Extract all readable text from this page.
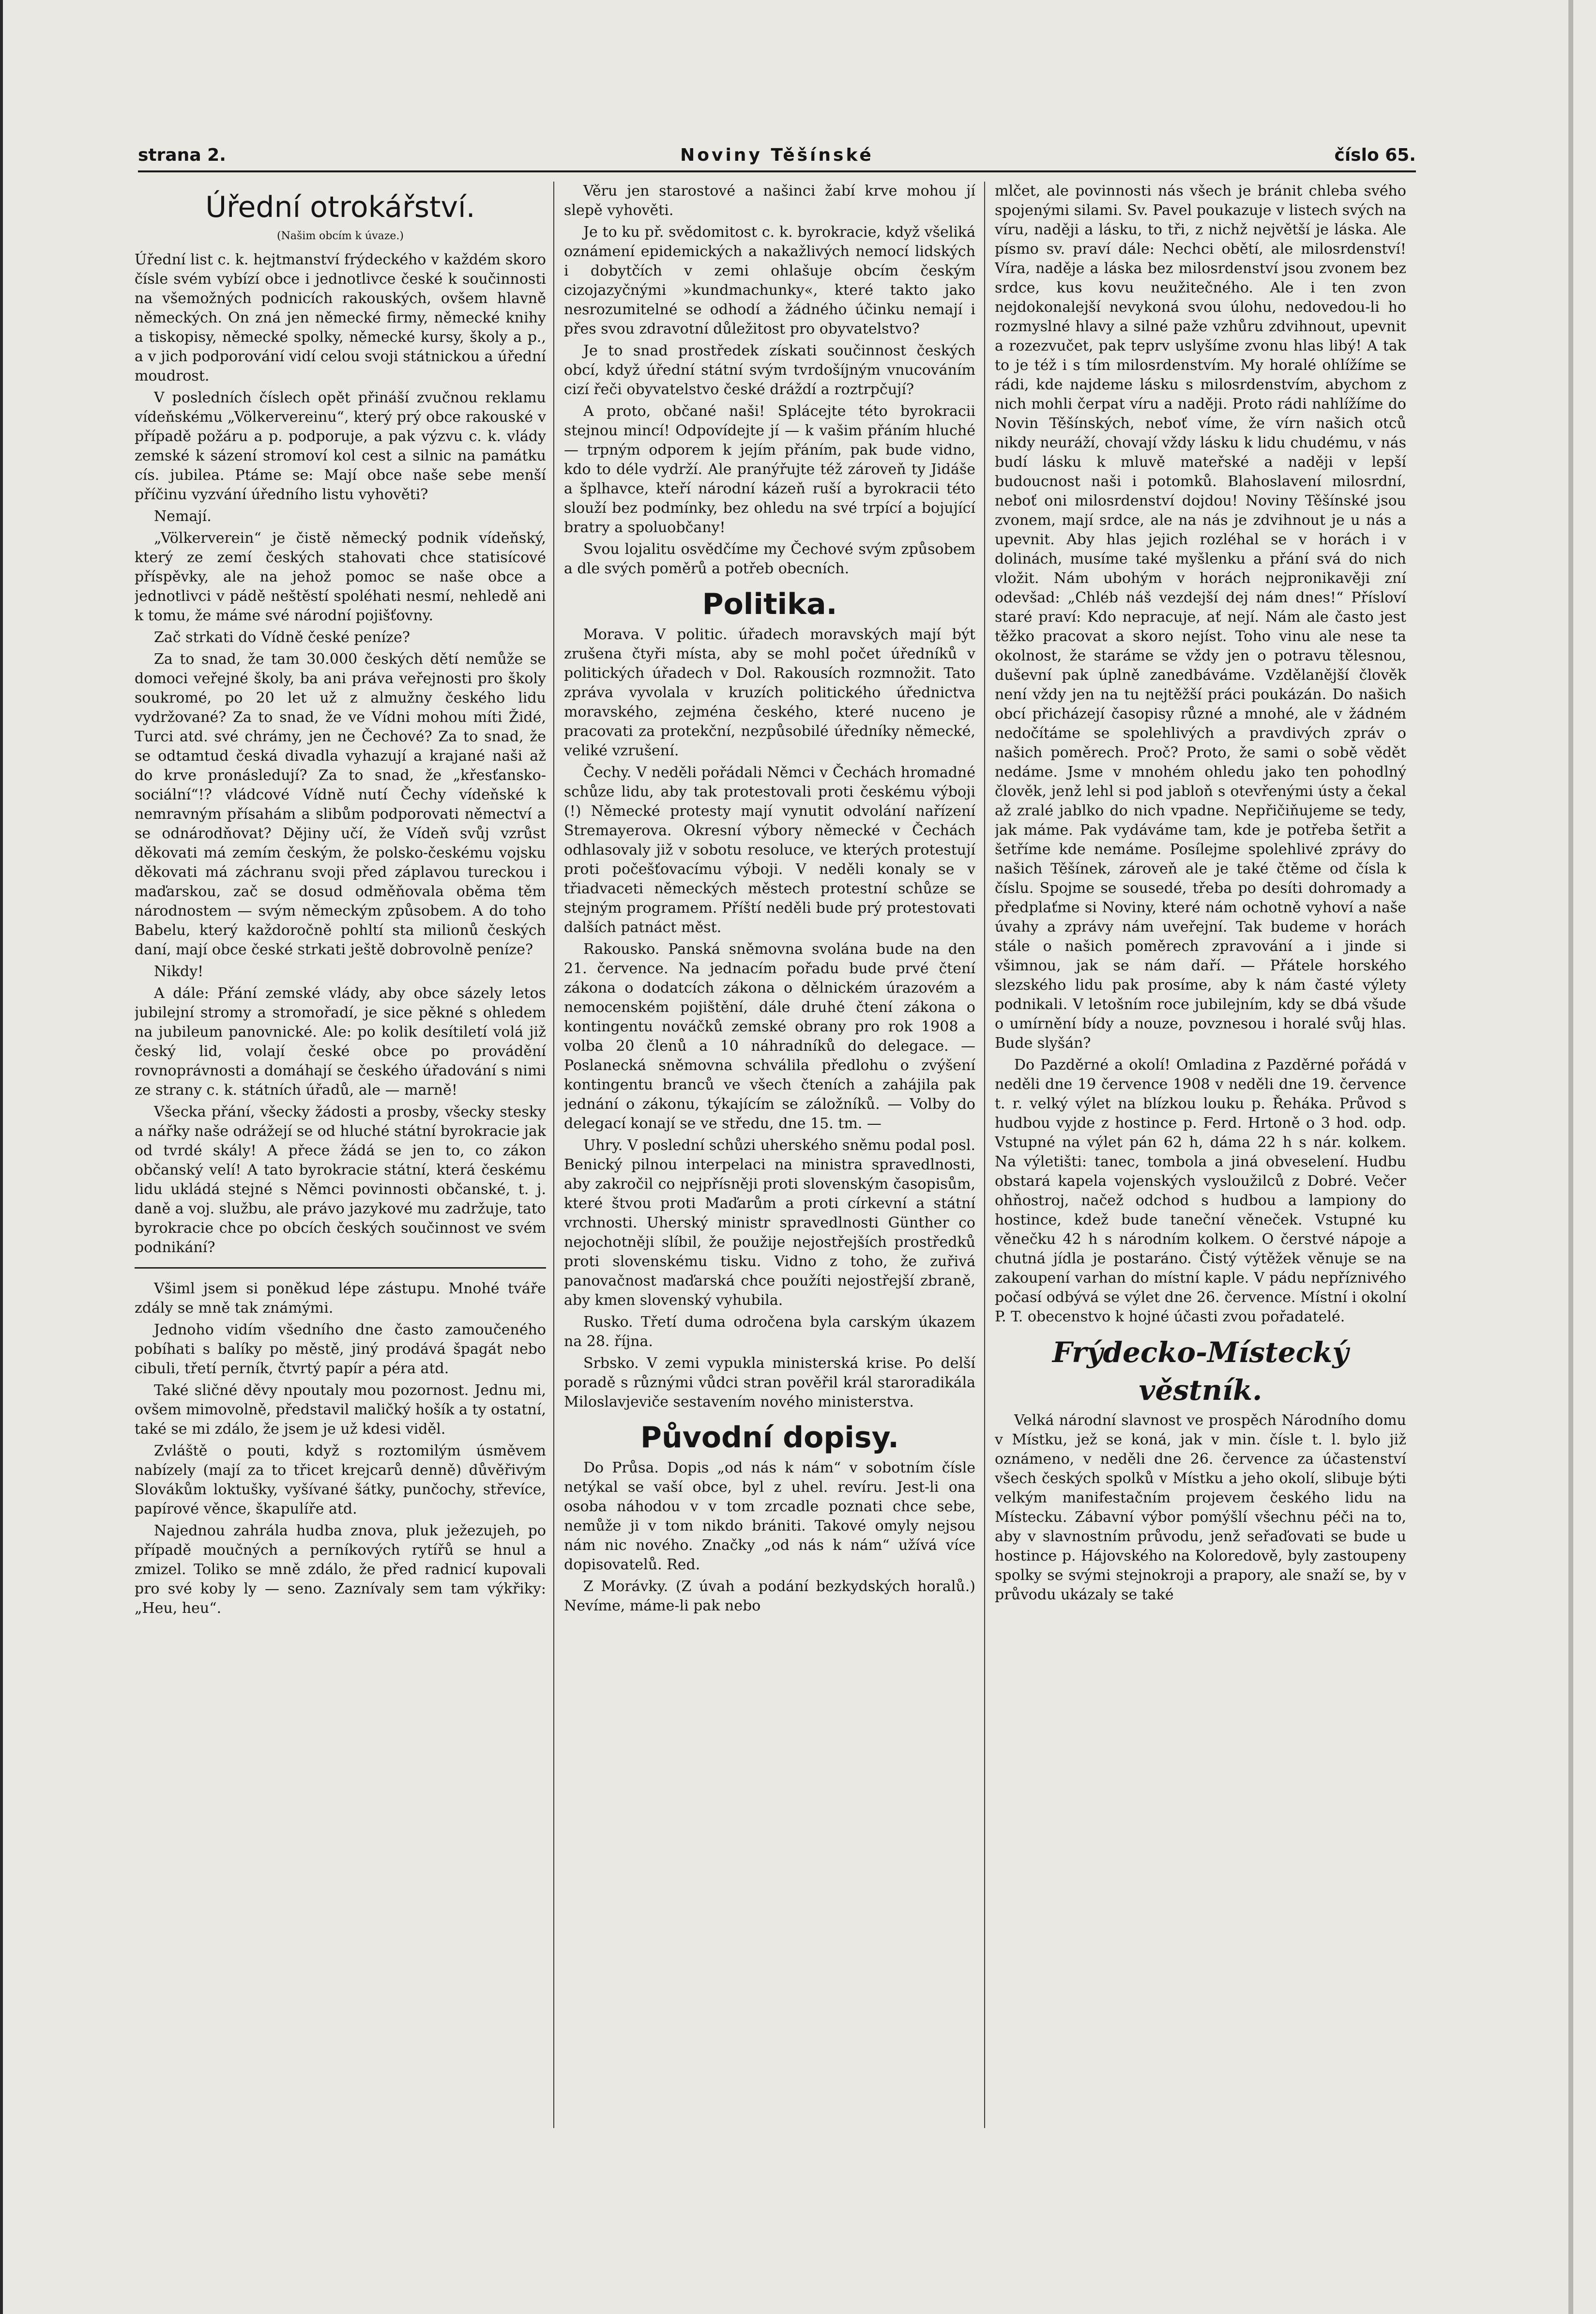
strana 2.	Noviny Těšínské	číslo 65.
Úřední otrokářství.
(Našim obcím k úvaze.)

Úřední list c. k. hejtmanství frýdeckého v každém skoro čísle svém vybízí obce i jednotlivce české k součinnosti na všemožných podnicích rakouských, ovšem hlavně německých. On zná jen německé firmy, německé knihy a tiskopisy, německé spolky, německé kursy, školy a p., a v jich podporování vidí celou svoji státnickou a úřední moudrost.

V posledních číslech opět přináší zvučnou reklamu vídeňskému „Völkervereinu“, který prý obce rakouské v případě požáru a p. podporuje, a pak výzvu c. k. vlády zemské k sázení stromoví kol cest a silnic na památku cís. jubilea. Ptáme se: Mají obce naše sebe menší příčinu vyzvání úředního listu vyhověti?

Nemají.

„Völkerverein“ je čistě německý podnik vídeňský, který ze zemí českých stahovati chce statisícové příspěvky, ale na jehož pomoc se naše obce a jednotlivci v pádě neštěstí spoléhati nesmí, nehledě ani k tomu, že máme své národní pojišťovny.

Zač strkati do Vídně české peníze?

Za to snad, že tam 30.000 českých dětí nemůže se domoci veřejné školy, ba ani práva veřejnosti pro školy soukromé, po 20 let už z almužny českého lidu vydržované? Za to snad, že ve Vídni mohou míti Židé, Turci atd. své chrámy, jen ne Čechové? Za to snad, že se odtamtud česká divadla vyhazují a krajané naši až do krve pronásledují? Za to snad, že „křesťansko-sociální“!? vládcové Vídně nutí Čechy vídeňské k nemravným přísahám a slibům podporovati němectví a se odnárodňovat? Dějiny učí, že Vídeň svůj vzrůst děkovati má zemím českým, že polsko-českému vojsku děkovati má záchranu svoji před záplavou tureckou i maďarskou, zač se dosud odměňovala oběma těm národnostem — svým německým způsobem. A do toho Babelu, který každoročně pohltí sta milionů českých daní, mají obce české strkati ještě dobrovolně peníze?

Nikdy!

A dále: Přání zemské vlády, aby obce sázely letos jubilejní stromy a stromořadí, je sice pěkné s ohledem na jubileum panovnické. Ale: po kolik desítiletí volá již český lid, volají české obce po provádění rovnoprávnosti a domáhají se českého úřadování s nimi ze strany c. k. státních úřadů, ale — marně!

Všecka přání, všecky žádosti a prosby, všecky stesky a nářky naše odrážejí se od hluché státní byrokracie jak od tvrdé skály! A přece žádá se jen to, co zákon občanský velí! A tato byrokracie státní, která českému lidu ukládá stejné s Němci povinnosti občanské, t. j. daně a voj. službu, ale právo jazykové mu zadržuje, tato byrokracie chce po obcích českých součinnost ve svém podnikání?

Všiml jsem si poněkud lépe zástupu. Mnohé tváře zdály se mně tak známými.

Jednoho vidím všedního dne často zamoučeného pobíhati s balíky po městě, jiný prodává špagát nebo cibuli, třetí perník, čtvrtý papír a péra atd.

Také sličné děvy npoutaly mou pozornost. Jednu mi, ovšem mimovolně, představil maličký hošík a ty ostatní, také se mi zdálo, že jsem je už kdesi viděl.

Zvláště o pouti, když s roztomilým úsměvem nabízely (mají za to třicet krejcarů denně) důvěřivým Slovákům loktušky, vyšívané šátky, punčochy, střevíce, papírové věnce, škapulíře atd.

Najednou zahrála hudba znova, pluk ježezujeh, po případě moučných a perníkových rytířů se hnul a zmizel. Toliko se mně zdálo, že před radnicí kupovali pro své koby ly — seno. Zaznívaly sem tam výkřiky: „Heu, heu“.

Věru jen starostové a našinci žabí krve mohou jí slepě vyhověti.

Je to ku př. svědomitost c. k. byrokracie, když všeliká oznámení epidemických a nakažlivých nemocí lidských i dobytčích v zemi ohlašuje obcím českým cizojazyčnými »kundmachunky«, které takto jako nesrozumitelné se odhodí a žádného účinku nemají i přes svou zdravotní důležitost pro obyvatelstvo?

Je to snad prostředek získati součinnost českých obcí, když úřední státní svým tvrdošíjným vnucováním cizí řeči obyvatelstvo české dráždí a roztrpčují?

A proto, občané naši! Splácejte této byrokracii stejnou mincí! Odpovídejte jí — k vašim přáním hluché — trpným odporem k jejím přáním, pak bude vidno, kdo to déle vydrží. Ale pranýřujte též zároveň ty Jidáše a šplhavce, kteří národní kázeň ruší a byrokracii této slouží bez podmínky, bez ohledu na své trpící a bojující bratry a spoluobčany!

Svou lojalitu osvědčíme my Čechové svým způsobem a dle svých poměrů a potřeb obecních.

Politika.

Morava. V politic. úřadech moravských mají být zrušena čtyři místa, aby se mohl počet úředníků v politických úřadech v Dol. Rakousích rozmnožit. Tato zpráva vyvolala v kruzích politického úřednictva moravského, zejména českého, které nuceno je pracovati za protekční, nezpůsobilé úředníky německé, veliké vzrušení.

Čechy. V neděli pořádali Němci v Čechách hromadné schůze lidu, aby tak protestovali proti českému výboji (!) Německé protesty mají vynutit odvolání nařízení Stremayerova. Okresní výbory německé v Čechách odhlasovaly již v sobotu resoluce, ve kterých protestují proti počešťovacímu výboji. V neděli konaly se v třiadvaceti německých městech protestní schůze se stejným programem. Příští neděli bude prý protestovati dalších patnáct měst.

Rakousko. Panská sněmovna svolána bude na den 21. července. Na jednacím pořadu bude prvé čtení zákona o dodatcích zákona o dělnickém úrazovém a nemocenském pojištění, dále druhé čtení zákona o kontingentu nováčků zemské obrany pro rok 1908 a volba 20 členů a 10 náhradníků do delegace. — Poslanecká sněmovna schválila předlohu o zvýšení kontingentu branců ve všech čteních a zahájila pak jednání o zákonu, týkajícím se záložníků. — Volby do delegací konají se ve středu, dne 15. tm. —

Uhry. V poslední schůzi uherského sněmu podal posl. Benický pilnou interpelaci na ministra spravedlnosti, aby zakročil co nejpřísněji proti slovenským časopisům, které štvou proti Maďarům a proti církevní a státní vrchnosti. Uherský ministr spravedlnosti Günther co nejochotněji slíbil, že použije nejostřejších prostředků proti slovenskému tisku. Vidno z toho, že zuřivá panovačnost maďarská chce použíti nejostřejší zbraně, aby kmen slovenský vyhubila.

Rusko. Třetí duma odročena byla carským úkazem na 28. října.

Srbsko. V zemi vypukla ministerská krise. Po delší poradě s různými vůdci stran pověřil král staroradikála Miloslavjeviče sestavením nového ministerstva.

Původní dopisy.

Do Průsa. Dopis „od nás k nám“ v sobotním čísle netýkal se vaší obce, byl z uhel. revíru. Jest-li ona osoba náhodou v v tom zrcadle poznati chce sebe, nemůže ji v tom nikdo brániti. Takové omyly nejsou nám nic nového. Značky „od nás k nám“ užívá více dopisovatelů. Red.

Z Morávky. (Z úvah a podání bezkydských horalů.) Nevíme, máme-li pak nebo

mlčet, ale povinnosti nás všech je bránit chleba svého spojenými silami. Sv. Pavel poukazuje v listech svých na víru, naději a lásku, to tři, z nichž největší je láska. Ale písmo sv. praví dále: Nechci obětí, ale milosrdenství! Víra, naděje a láska bez milosrdenství jsou zvonem bez srdce, kus kovu neužitečného. Ale i ten zvon nejdokonalejší nevykoná svou úlohu, nedovedou-li ho rozmyslné hlavy a silné paže vzhůru zdvihnout, upevnit a rozezvučet, pak teprv uslyšíme zvonu hlas libý! A tak to je též i s tím milosrdenstvím. My horalé ohlížíme se rádi, kde najdeme lásku s milosrdenstvím, abychom z nich mohli čerpat víru a naději. Proto rádi nahlížíme do Novin Těšínských, neboť víme, že vírn našich otců nikdy neuráží, chovají vždy lásku k lidu chudému, v nás budí lásku k mluvě mateřské a naději v lepší budoucnost naši i potomků. Blahoslavení milosrdní, neboť oni milosrdenství dojdou! Noviny Těšínské jsou zvonem, mají srdce, ale na nás je zdvihnout je u nás a upevnit. Aby hlas jejich rozléhal se v horách i v dolinách, musíme také myšlenku a přání svá do nich vložit. Nám ubohým v horách nejpronikavěji zní odevšad: „Chléb náš vezdejší dej nám dnes!“ Přísloví staré praví: Kdo nepracuje, ať nejí. Nám ale často jest těžko pracovat a skoro nejíst. Toho vinu ale nese ta okolnost, že staráme se vždy jen o potravu tělesnou, duševní pak úplně zanedbáváme. Vzdělanější člověk není vždy jen na tu nejtěžší práci poukázán. Do našich obcí přicházejí časopisy různé a mnohé, ale v žádném nedočítáme se spolehlivých a pravdivých zpráv o našich poměrech. Proč? Proto, že sami o sobě vědět nedáme. Jsme v mnohém ohledu jako ten pohodlný člověk, jenž lehl si pod jabloň s otevřenými ústy a čekal až zralé jablko do nich vpadne. Nepřičiňujeme se tedy, jak máme. Pak vydáváme tam, kde je potřeba šetřit a šetříme kde nemáme. Posílejme spolehlivé zprávy do našich Těšínek, zároveň ale je také čtěme od čísla k číslu. Spojme se sousedé, třeba po desíti dohromady a předplaťme si Noviny, které nám ochotně vyhoví a naše úvahy a zprávy nám uveřejní. Tak budeme v horách stále o našich poměrech zpravování a i jinde si všimnou, jak se nám daří. — Přátele horského slezského lidu pak prosíme, aby k nám časté výlety podnikali. V letošním roce jubilejním, kdy se dbá všude o umírnění bídy a nouze, povznesou i horalé svůj hlas. Bude slyšán?

Do Pazděrné a okolí! Omladina z Pazděrné pořádá v neděli dne 19 července 1908 v neděli dne 19. července t. r. velký výlet na blízkou louku p. Řeháka. Průvod s hudbou vyjde z hostince p. Ferd. Hrtoně o 3 hod. odp. Vstupné na výlet pán 62 h, dáma 22 h s nár. kolkem. Na výletišti: tanec, tombola a jiná obveselení. Hudbu obstará kapela vojenských vysloužilců z Dobré. Večer ohňostroj, načež odchod s hudbou a lampiony do hostince, kdež bude taneční věneček. Vstupné ku věnečku 42 h s národním kolkem. O čerstvé nápoje a chutná jídla je postaráno. Čistý výtěžek věnuje se na zakoupení varhan do místní kaple. V pádu nepříznivého počasí odbývá se výlet dne 26. července. Místní i okolní P. T. obecenstvo k hojné účasti zvou pořadatelé.

Frýdecko-Místecký věstník.

Velká národní slavnost ve prospěch Národního domu v Místku, jež se koná, jak v min. čísle t. l. bylo již oznámeno, v neděli dne 26. července za účastenství všech českých spolků v Místku a jeho okolí, slibuje býti velkým manifestačním projevem českého lidu na Místecku. Zábavní výbor pomýšlí všechnu péči na to, aby v slavnostním průvodu, jenž seřaďovati se bude u hostince p. Hájovského na Koloredově, byly zastoupeny spolky se svými stejnokroji a prapory, ale snaží se, by v průvodu ukázaly se také
